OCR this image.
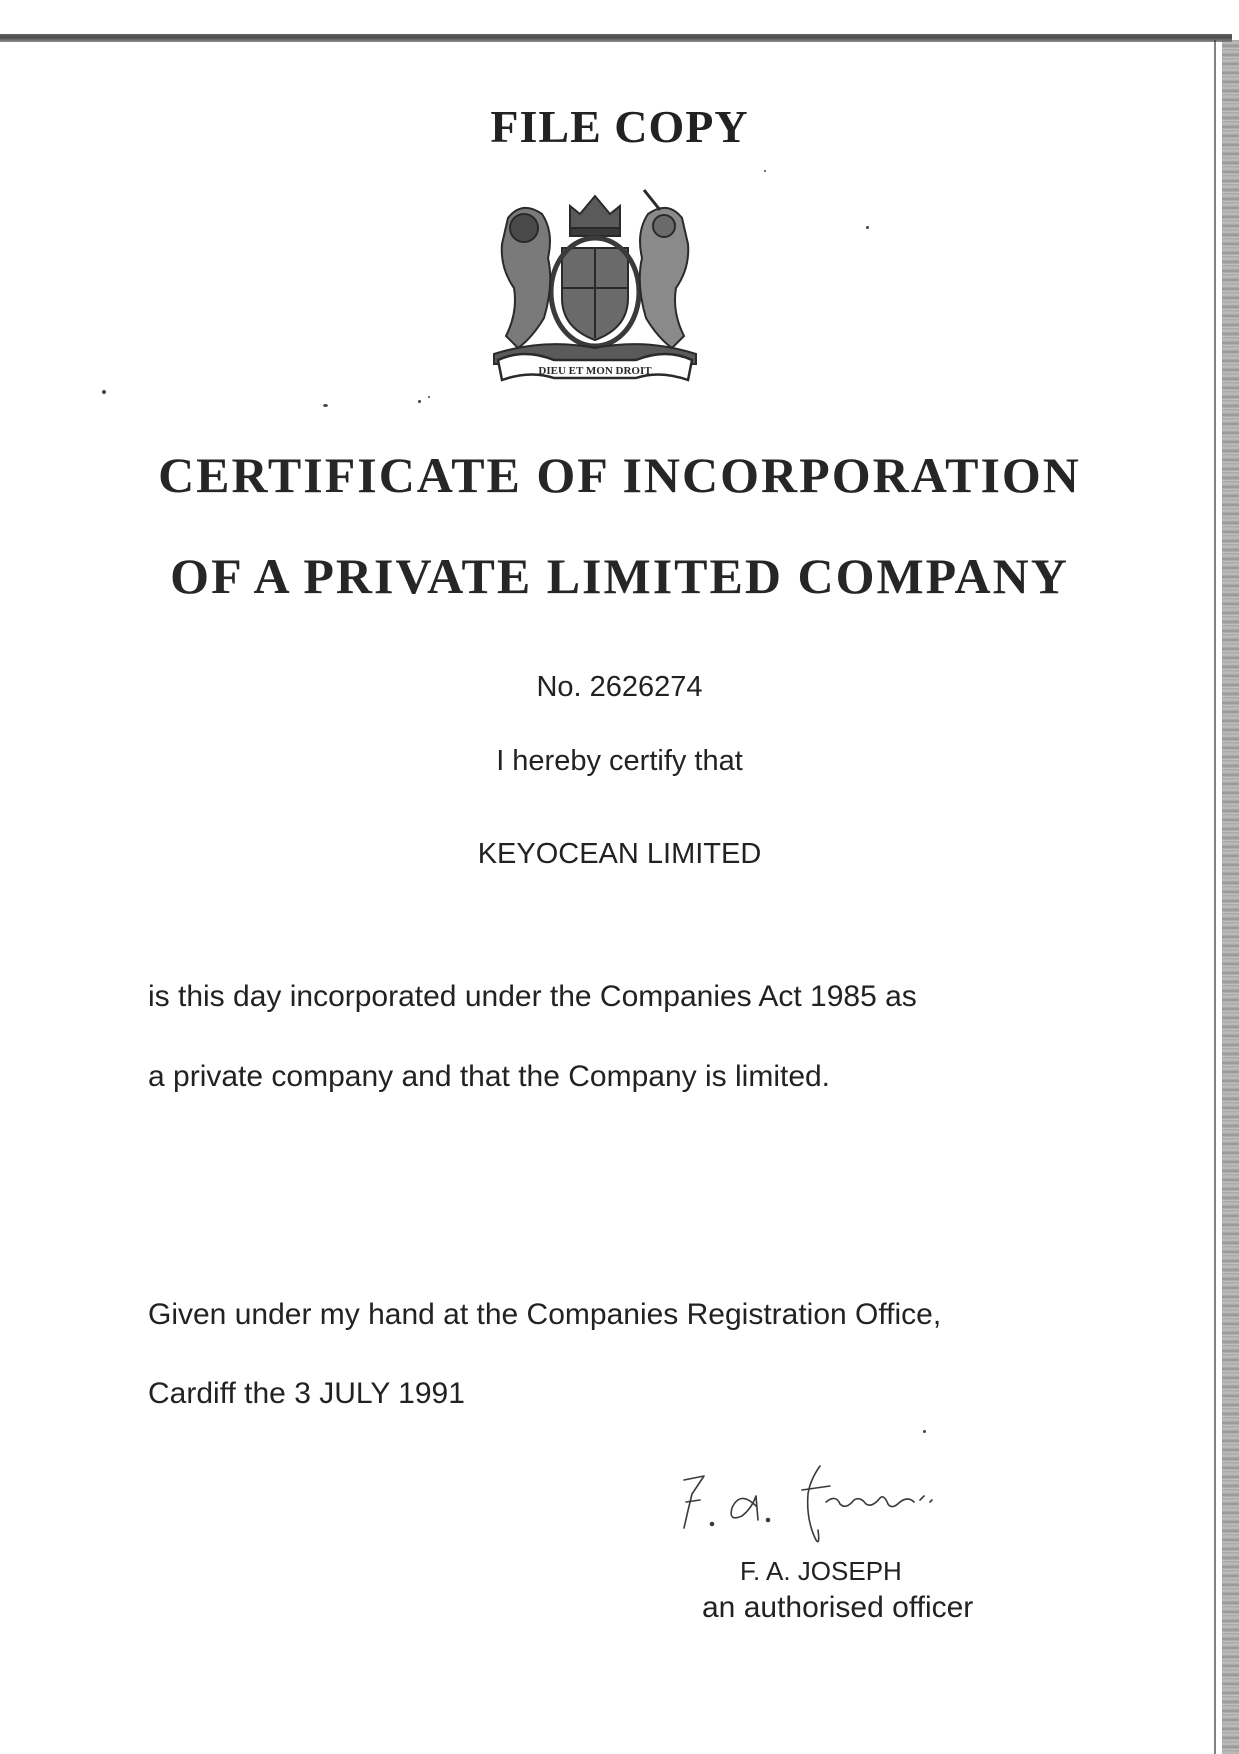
FILE COPY
DIEU ET MON DROIT
CERTIFICATE OF INCORPORATION
OF A PRIVATE LIMITED COMPANY
No. 2626274
I hereby certify that
KEYOCEAN LIMITED
is this day incorporated under the Companies Act 1985 as
a private company and that the Company is limited.
Given under my hand at the Companies Registration Office,
Cardiff the 3 JULY 1991
F. A. JOSEPH
an authorised officer
